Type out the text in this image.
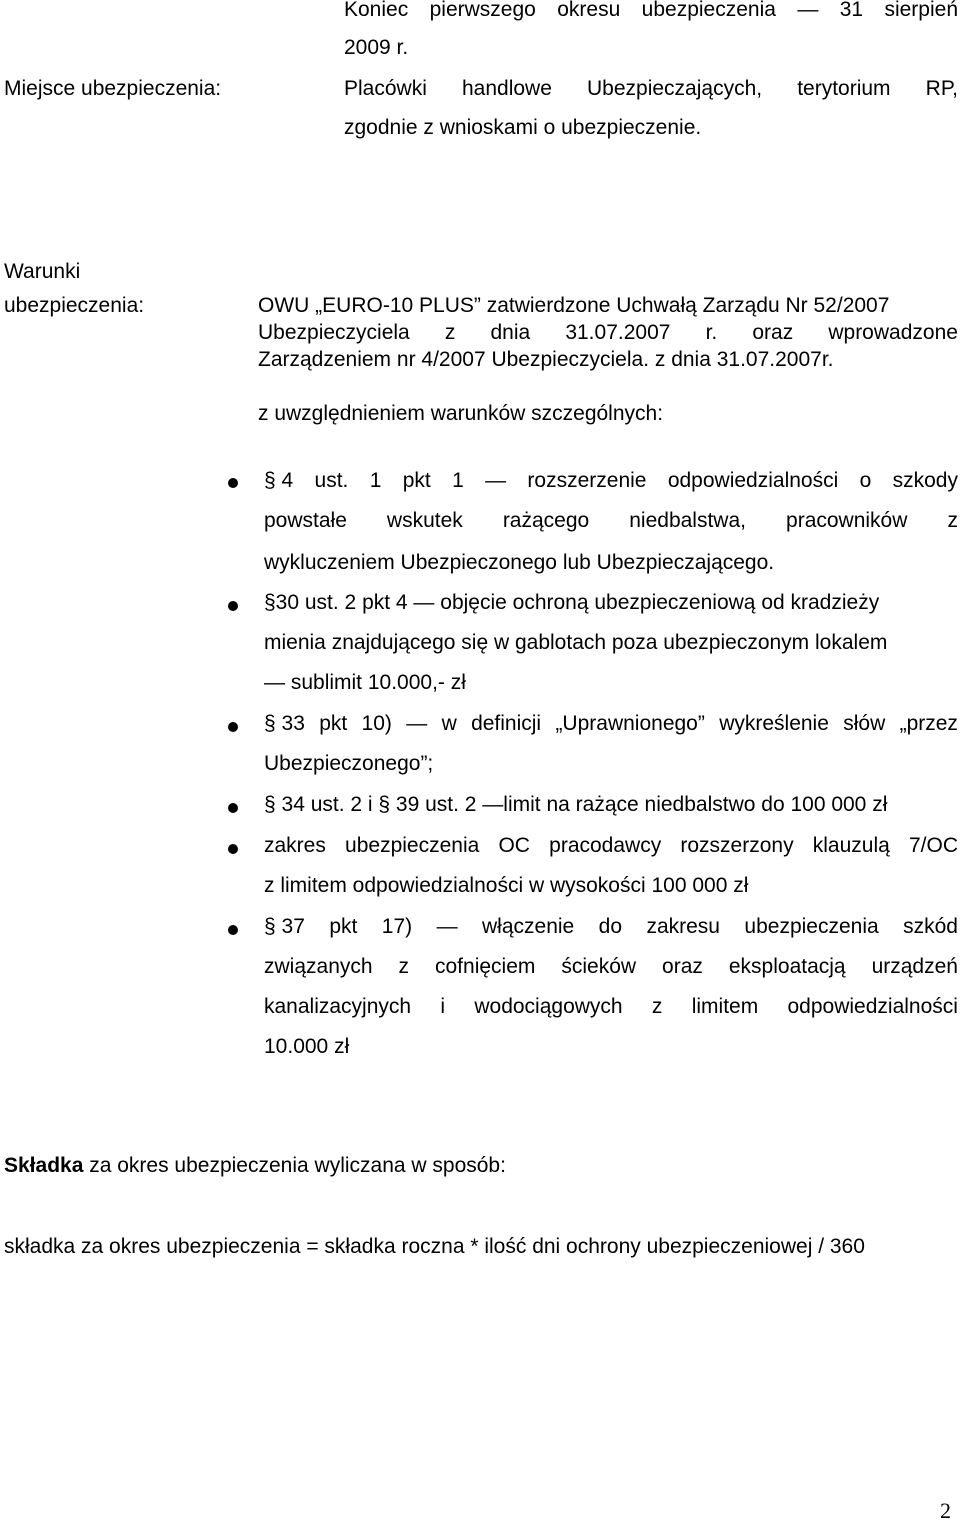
Koniec pierwszego okresu ubezpieczenia — 31 sierpień
2009 r.
Miejsce ubezpieczenia:	Placówki handlowe Ubezpieczających, terytorium RP,
zgodnie z wnioskami o ubezpieczenie.
Warunki
ubezpieczenia:	OWU „EURO-10 PLUS” zatwierdzone Uchwałą Zarządu Nr 52/2007
Ubezpieczyciela z dnia 31.07.2007 r. oraz wprowadzone
Zarządzeniem nr 4/2007 Ubezpieczyciela. z dnia 31.07.2007r.
z uwzględnieniem warunków szczególnych:
§ 4 ust. 1 pkt 1 — rozszerzenie odpowiedzialności o szkody
powstałe wskutek rażącego niedbalstwa, pracowników z
wykluczeniem Ubezpieczonego lub Ubezpieczającego.
§30 ust. 2 pkt 4 — objęcie ochroną ubezpieczeniową od kradzieży
mienia znajdującego się w gablotach poza ubezpieczonym lokalem
— sublimit 10.000,- zł
§ 33 pkt 10) — w definicji „Uprawnionego” wykreślenie słów „przez
Ubezpieczonego”;
§ 34 ust. 2 i § 39 ust. 2 —limit na rażące niedbalstwo do 100 000 zł
zakres ubezpieczenia OC pracodawcy rozszerzony klauzulą 7/OC
z limitem odpowiedzialności w wysokości 100 000 zł
§ 37 pkt 17) — włączenie do zakresu ubezpieczenia szkód
związanych z cofnięciem ścieków oraz eksploatacją urządzeń
kanalizacyjnych i wodociągowych z limitem odpowiedzialności
10.000 zł
Składka za okres ubezpieczenia wyliczana w sposób:
składka za okres ubezpieczenia = składka roczna * ilość dni ochrony ubezpieczeniowej / 360
2
